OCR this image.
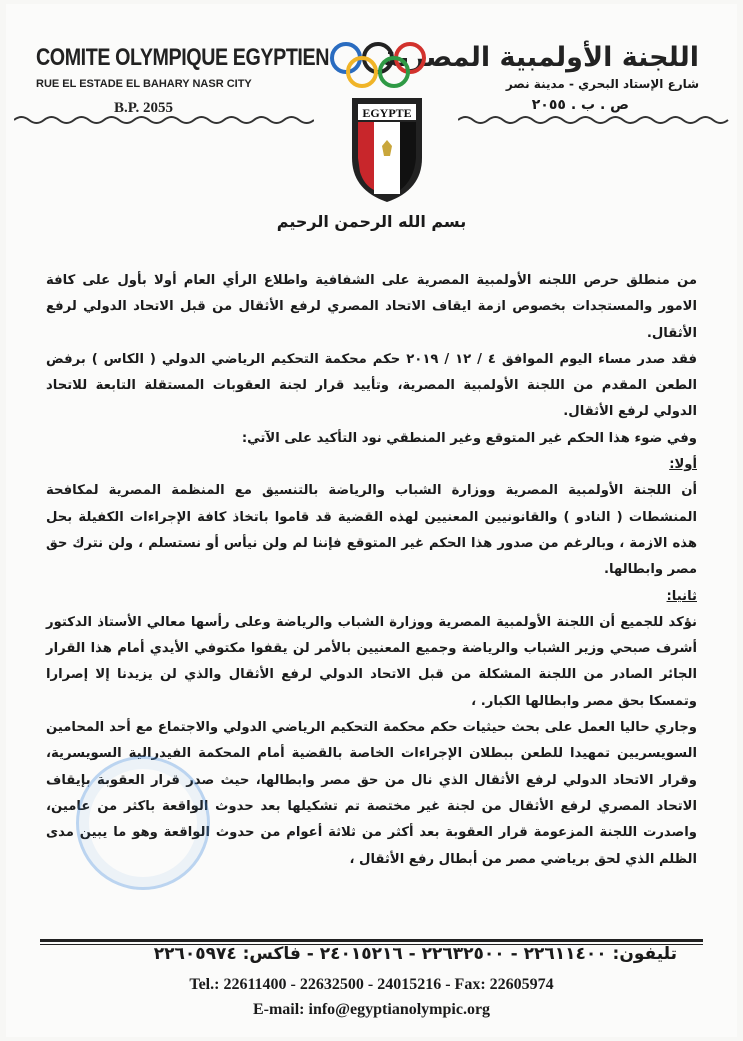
COMITE OLYMPIQUE EGYPTIEN
RUE EL ESTADE EL BAHARY NASR CITY
B.P. 2055
اللجنة الأولمبية المصرية
شارع الإستاد البحري - مدينة نصر
ص . ب . ٢٠٥٥
EGYPTE
بسم الله الرحمن الرحيم

من منطلق حرص اللجنه الأولمبية المصرية على الشفافية واطلاع الرأي العام أولا بأول على كافة الامور والمستجدات بخصوص ازمة ايقاف الاتحاد المصري لرفع الأثقال من قبل الاتحاد الدولي لرفع الأثقال.

فقد صدر مساء اليوم الموافق ٤ / ١٢ / ٢٠١٩ حكم محكمة التحكيم الرياضي الدولي ( الكاس ) برفض الطعن المقدم من اللجنة الأولمبية المصرية، وتأييد قرار لجنة العقوبات المستقلة التابعة للاتحاد الدولي لرفع الأثقال.

وفي ضوء هذا الحكم غير المتوقع وغير المنطقي نود التأكيد على الآتي:

أولا:

أن اللجنة الأولمبية المصرية ووزارة الشباب والرياضة بالتنسيق مع المنظمة المصرية لمكافحة المنشطات ( النادو ) والقانونيين المعنيين لهذه القضية قد قاموا باتخاذ كافة الإجراءات الكفيلة بحل هذه الازمة ، وبالرغم من صدور هذا الحكم غير المتوقع فإننا لم ولن نيأس أو نستسلم ، ولن نترك حق مصر وابطالها.

ثانيا:

نؤكد للجميع أن اللجنة الأولمبية المصرية ووزارة الشباب والرياضة وعلى رأسها معالي الأستاذ الدكتور أشرف صبحي وزير الشباب والرياضة وجميع المعنيين بالأمر لن يقفوا مكتوفي الأيدي أمام هذا القرار الجائر الصادر من اللجنة المشكلة من قبل الاتحاد الدولي لرفع الأثقال والذي لن يزيدنا إلا إصرارا وتمسكا بحق مصر وابطالها الكبار. ،

وجاري حاليا العمل على بحث حيثيات حكم محكمة التحكيم الرياضي الدولي والاجتماع مع أحد المحامين السويسريين تمهيدا للطعن ببطلان الإجراءات الخاصة بالقضية أمام المحكمة الفيدرالية السويسرية، وقرار الاتحاد الدولي لرفع الأثقال الذي نال من حق مصر وابطالها، حيث صدر قرار العقوبة بإيقاف الاتحاد المصري لرفع الأثقال من لجنة غير مختصة تم تشكيلها بعد حدوث الواقعة باكثر من عامين، واصدرت اللجنة المزعومة قرار العقوبة بعد أكثر من ثلاثة أعوام من حدوث الواقعة وهو ما يبين مدى الظلم الذي لحق برياضي مصر من أبطال رفع الأثقال ،

تليفون: ٢٢٦١١٤٠٠ - ٢٢٦٣٢٥٠٠ - ٢٤٠١٥٢١٦ - فاكس: ٢٢٦٠٥٩٧٤
Tel.: 22611400 - 22632500 - 24015216 - Fax: 22605974
E-mail: info@egyptianolympic.org
